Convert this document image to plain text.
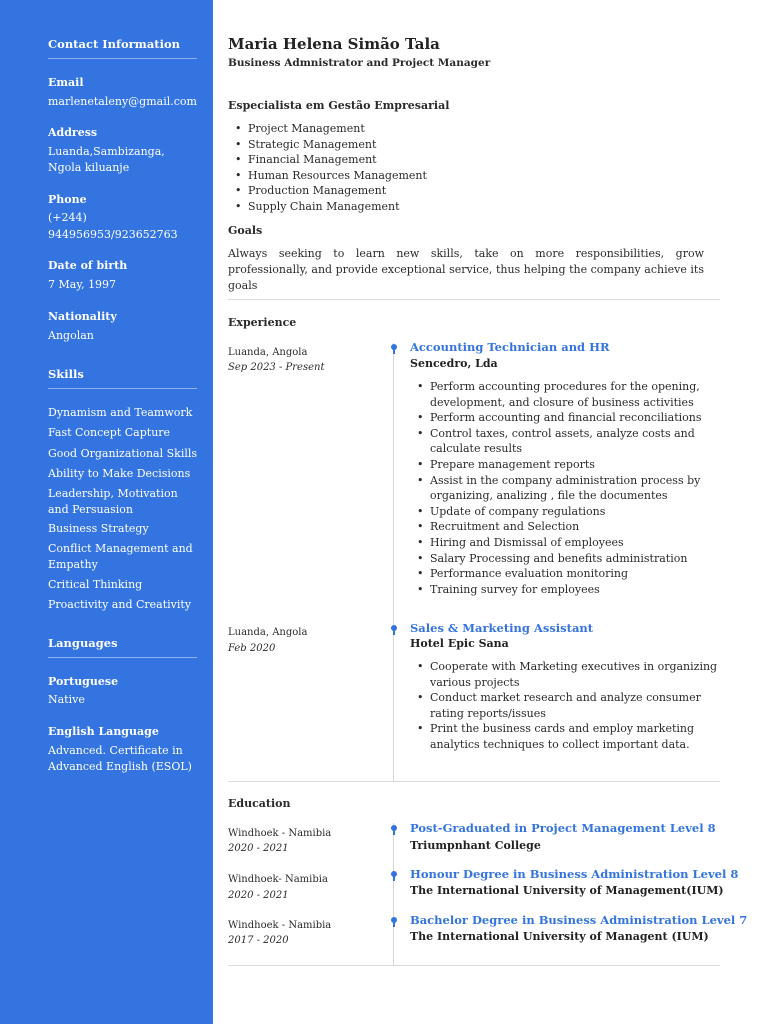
Contact Information
Email
marlenetaleny@gmail.com
Address
Luanda,Sambizanga, Ngola kiluanje
Phone
(+244)
944956953/923652763
Date of birth
7 May, 1997
Nationality
Angolan
Skills
Dynamism and Teamwork
Fast Concept Capture
Good Organizational Skills
Ability to Make Decisions
Leadership, Motivation and Persuasion
Business Strategy
Conflict Management and Empathy
Critical Thinking
Proactivity and Creativity
Languages
Portuguese
Native
English Language
Advanced. Certificate in Advanced English (ESOL)
Maria Helena Simão Tala
Business Admnistrator and Project Manager
Especialista em Gestão Empresarial
• Project Management
• Strategic Management
• Financial Management
• Human Resources Management
• Production Management
• Supply Chain Management
Goals
Always seeking to learn new skills, take on more responsibilities, grow professionally, and provide exceptional service, thus helping the company achieve its goals
Experience
Luanda, Angola
Sep 2023 - Present
Accounting Technician and HR
Sencedro, Lda
• Perform accounting procedures for the opening, development, and closure of business activities
• Perform accounting and financial reconciliations
• Control taxes, control assets, analyze costs and calculate results
• Prepare management reports
• Assist in the company administration process by organizing, analizing , file the documentes
• Update of company regulations
• Recruitment and Selection
• Hiring and Dismissal of employees
• Salary Processing and benefits administration
• Performance evaluation monitoring
• Training survey for employees
Luanda, Angola
Feb 2020
Sales & Marketing Assistant
Hotel Epic Sana
• Cooperate with Marketing executives in organizing various projects
• Conduct market research and analyze consumer rating reports/issues
• Print the business cards and employ marketing analytics techniques to collect important data.
Education
Windhoek - Namibia
2020 - 2021
Post-Graduated in Project Management Level 8
Triumpnhant College
Windhoek- Namibia
2020 - 2021
Honour Degree in Business Administration Level 8
The International University of Management(IUM)
Windhoek - Namibia
2017 - 2020
Bachelor Degree in Business Administration Level 7
The International University of Managent (IUM)
